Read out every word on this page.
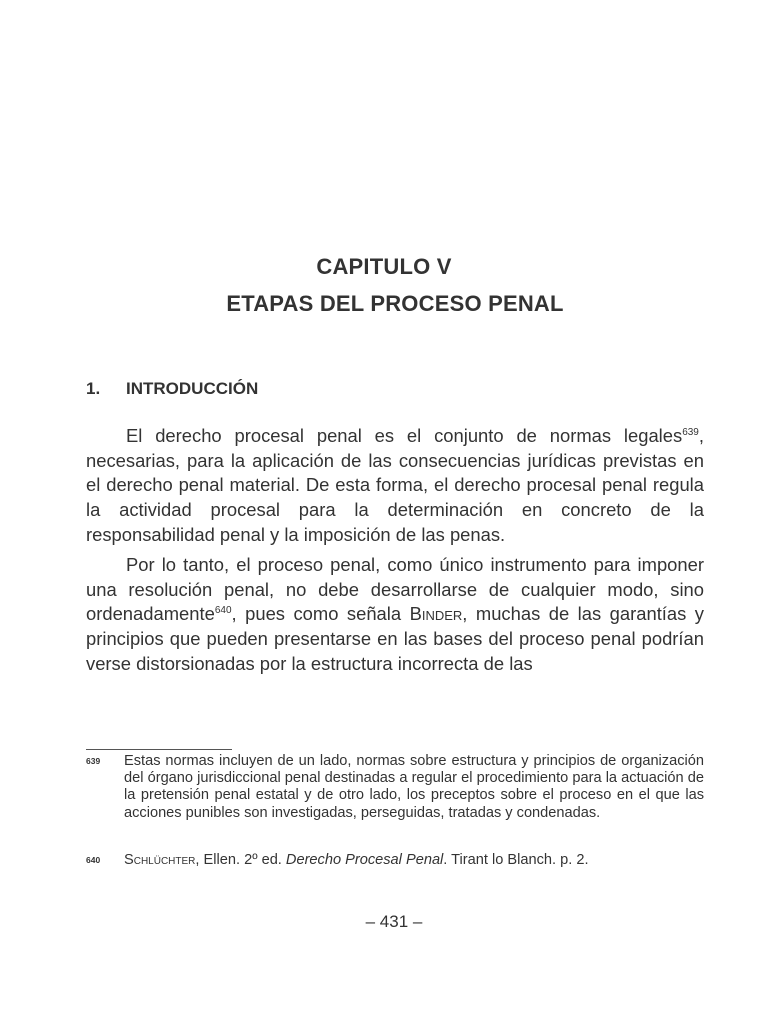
CAPITULO V
ETAPAS DEL PROCESO PENAL
1. INTRODUCCIÓN

El derecho procesal penal es el conjunto de normas legales$^{639}$, necesarias, para la aplicación de las consecuencias jurídicas previstas en el derecho penal material. De esta forma, el derecho procesal penal regula la actividad procesal para la determinación en concreto de la responsabilidad penal y la imposición de las penas.

Por lo tanto, el proceso penal, como único instrumento para imponer una resolución penal, no debe desarrollarse de cualquier modo, sino ordenadamente$^{640}$, pues como señala Binder, muchas de las garantías y principios que pueden presentarse en las bases del proceso penal podrían verse distorsionadas por la estructura incorrecta de las

639 Estas normas incluyen de un lado, normas sobre estructura y principios de organización del órgano jurisdiccional penal destinadas a regular el procedimiento para la actuación de la pretensión penal estatal y de otro lado, los preceptos sobre el proceso en el que las acciones punibles son investigadas, perseguidas, tratadas y condenadas.
640 Schlüchter, Ellen. 2º ed. Derecho Procesal Penal. Tirant lo Blanch. p. 2.
– 431 –
